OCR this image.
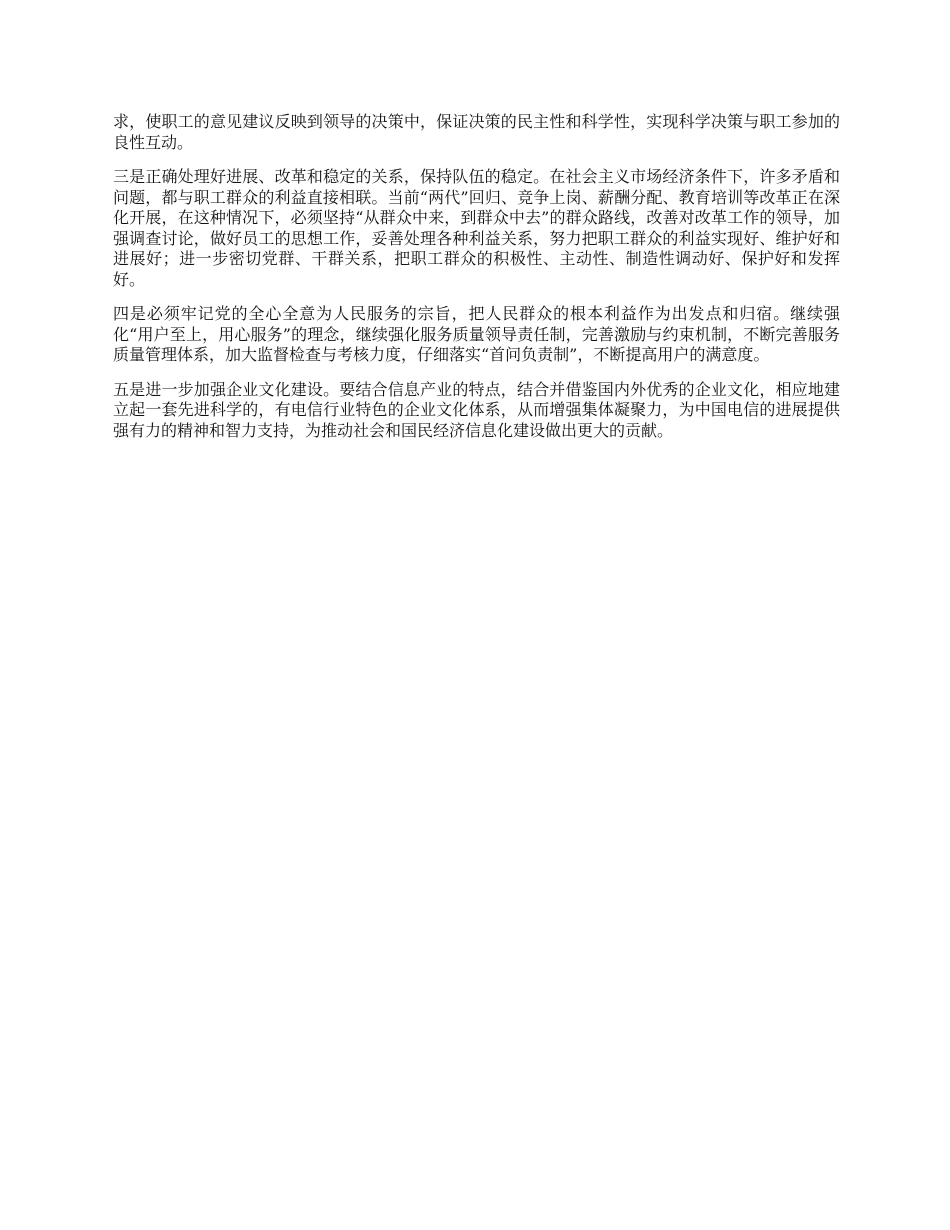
求，使职工的意见建议反映到领导的决策中，保证决策的民主性和科学性，实现科学决策与职工参加的良性互动。

三是正确处理好进展、改革和稳定的关系，保持队伍的稳定。在社会主义市场经济条件下，许多矛盾和问题，都与职工群众的利益直接相联。当前“两代”回归、竞争上岗、薪酬分配、教育培训等改革正在深化开展，在这种情况下，必须坚持“从群众中来，到群众中去”的群众路线，改善对改革工作的领导，加强调查讨论，做好员工的思想工作，妥善处理各种利益关系，努力把职工群众的利益实现好、维护好和进展好；进一步密切党群、干群关系，把职工群众的积极性、主动性、制造性调动好、保护好和发挥好。

四是必须牢记党的全心全意为人民服务的宗旨，把人民群众的根本利益作为出发点和归宿。继续强化“用户至上，用心服务”的理念，继续强化服务质量领导责任制，完善激励与约束机制，不断完善服务质量管理体系，加大监督检查与考核力度，仔细落实“首问负责制”，不断提高用户的满意度。

五是进一步加强企业文化建设。要结合信息产业的特点，结合并借鉴国内外优秀的企业文化，相应地建立起一套先进科学的，有电信行业特色的企业文化体系，从而增强集体凝聚力，为中国电信的进展提供强有力的精神和智力支持，为推动社会和国民经济信息化建设做出更大的贡献。
